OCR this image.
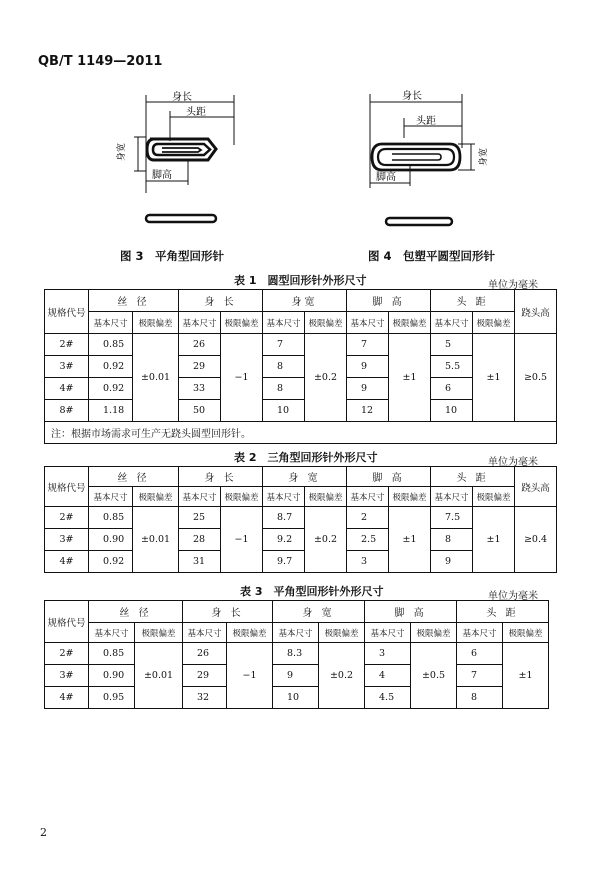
QB/T 1149—2011
身长
头距
身宽
脚高
图 3　平角型回形针
身长
头距
身宽
脚高
图 4　包塑平圆型回形针
表 1　圆型回形针外形尺寸	单位为毫米
规格代号	丝 径		身 长		身宽		脚 高		头 距		跷头高
	基本尺寸	极限偏差	基本尺寸	极限偏差	基本尺寸	极限偏差	基本尺寸	极限偏差	基本尺寸	极限偏差	
2#	0.85	±0.01	26	−1	7	±0.2	7	±1	5	±1	≥0.5
3#	0.92		29		8		9		5.5		
4#	0.92		33		8		9		6		
8#	1.18		50		10		12		10		
注：根据市场需求可生产无跷头圆型回形针。											
表 2　三角型回形针外形尺寸	单位为毫米
规格代号	丝 径		身 长		身 宽		脚 高		头 距		跷头高
	基本尺寸	极限偏差	基本尺寸	极限偏差	基本尺寸	极限偏差	基本尺寸	极限偏差	基本尺寸	极限偏差	
2#	0.85	±0.01	25	−1	8.7	±0.2	2	±1	7.5	±1	≥0.4
3#	0.90		28		9.2		2.5		8		
4#	0.92		31		9.7		3		9		
表 3　平角型回形针外形尺寸	单位为毫米
规格代号	丝 径		身 长		身 宽		脚 高		头 距	
	基本尺寸	极限偏差	基本尺寸	极限偏差	基本尺寸	极限偏差	基本尺寸	极限偏差	基本尺寸	极限偏差
2#	0.85	±0.01	26	−1	8.3	±0.2	3	±0.5	6	±1
3#	0.90		29		9		4		7	
4#	0.95		32		10		4.5		8	
2
